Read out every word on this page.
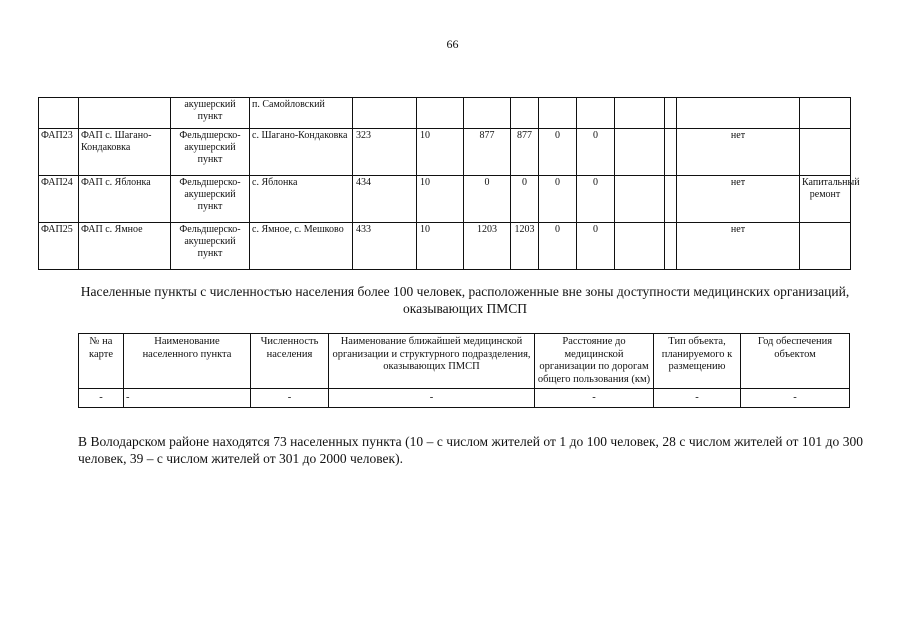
66
		акушерский пункт	п. Самойловский										
ФАП23	ФАП с. Шагано-Кондаковка	Фельдшерско-акушерский пункт	с. Шагано-Кондаковка	323	10	877	877	0	0			нет	
ФАП24	ФАП с. Яблонка	Фельдшерско-акушерский пункт	с. Яблонка	434	10	0	0	0	0			нет	Капитальный ремонт
ФАП25	ФАП с. Ямное	Фельдшерско-акушерский пункт	с. Ямное, с. Мешково	433	10	1203	1203	0	0			нет	
Населенные пункты с численностью населения более 100 человек, расположенные вне зоны доступности медицинских организаций, оказывающих ПМСП
№ на карте	Наименование населенного пункта	Численность населения	Наименование ближайшей медицинской организации и структурного подразделения, оказывающих ПМСП	Расстояние до медицинской организации по дорогам общего пользования (км)	Тип объекта, планируемого к размещению	Год обеспечения объектом
-	-	-	-	-	-	-
В Володарском районе находятся 73 населенных пункта (10 – с числом жителей от 1 до 100 человек, 28 с числом жителей от 101 до 300 человек, 39 – с числом жителей от 301 до 2000 человек).
